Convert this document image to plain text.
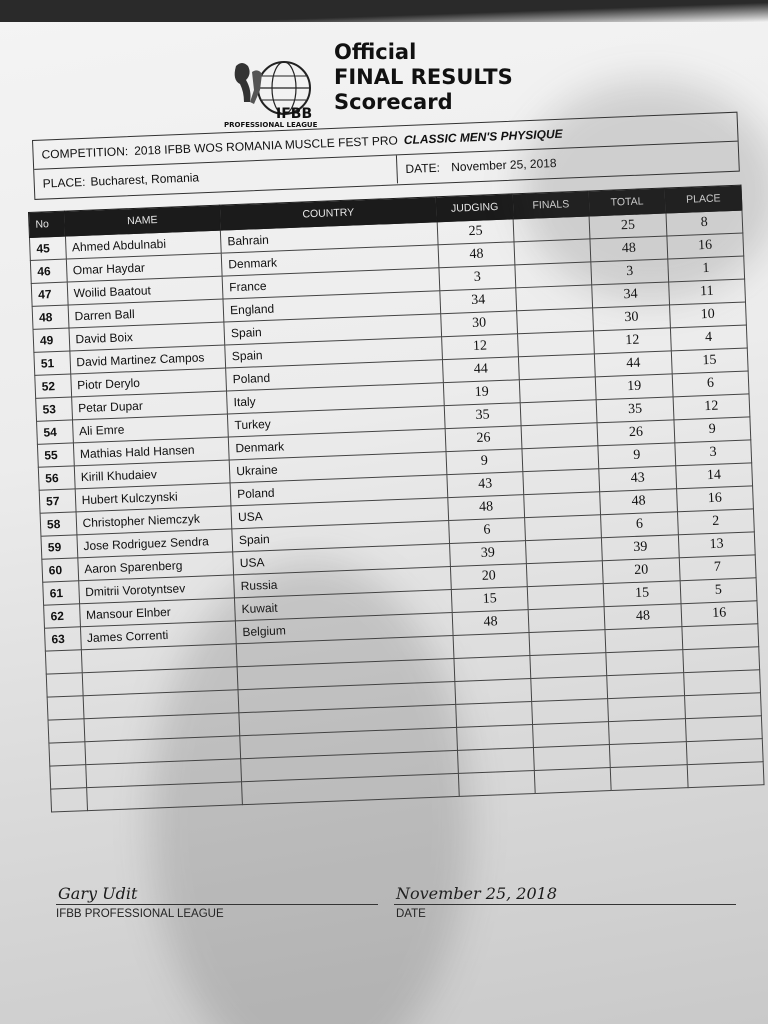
IFBB
PROFESSIONAL LEAGUE
Official
FINAL RESULTS
Scorecard
COMPETITION: 2018 IFBB WOS ROMANIA MUSCLE FEST PRO CLASSIC MEN'S PHYSIQUE
PLACE: Bucharest, Romania
DATE: November 25, 2018
No	NAME	COUNTRY	JUDGING	FINALS	TOTAL	PLACE
45	Ahmed Abdulnabi	Bahrain	25		25	8
46	Omar Haydar	Denmark	48		48	16
47	Woilid Baatout	France	3		3	1
48	Darren Ball	England	34		34	11
49	David Boix	Spain	30		30	10
51	David Martinez Campos	Spain	12		12	4
52	Piotr Derylo	Poland	44		44	15
53	Petar Dupar	Italy	19		19	6
54	Ali Emre	Turkey	35		35	12
55	Mathias Hald Hansen	Denmark	26		26	9
56	Kirill Khudaiev	Ukraine	9		9	3
57	Hubert Kulczynski	Poland	43		43	14
58	Christopher Niemczyk	USA	48		48	16
59	Jose Rodriguez Sendra	Spain	6		6	2
60	Aaron Sparenberg	USA	39		39	13
61	Dmitrii Vorotyntsev	Russia	20		20	7
62	Mansour Elnber	Kuwait	15		15	5
63	James Correnti	Belgium	48		48	16

Gary Udit
IFBB PROFESSIONAL LEAGUE
November 25, 2018
DATE
